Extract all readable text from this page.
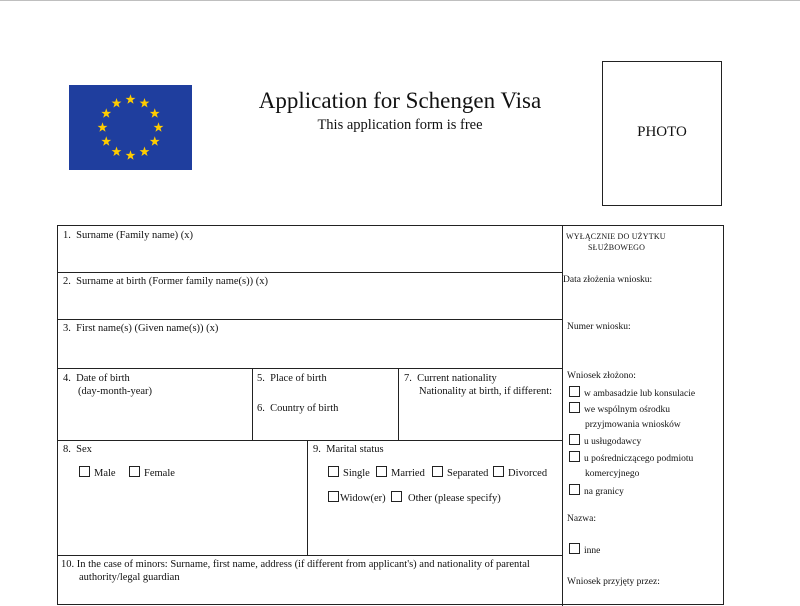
Application for Schengen Visa
This application form is free	PHOTO
1. Surname (Family name) (x)
2. Surname at birth (Former family name(s)) (x)
3. First name(s) (Given name(s)) (x)
4. Date of birth
(day-month-year)
5. Place of birth
6. Country of birth
7. Current nationality
Nationality at birth, if different:
8. Sex
Male	Female
9. Marital status
Single	Married	Separated	Divorced
Widow(er)	Other (please specify)
10. In the case of minors: Surname, first name, address (if different from applicant's) and nationality of parental
authority/legal guardian
WYŁĄCZNIE DO UŻYTKU
SŁUŻBOWEGO
Data złożenia wniosku:
Numer wniosku:
Wniosek złożono:
w ambasadzie lub konsulacie
we wspólnym ośrodku
przyjmowania wniosków
u usługodawcy
u pośredniczącego podmiotu
komercyjnego
na granicy
Nazwa:
inne
Wniosek przyjęty przez:
